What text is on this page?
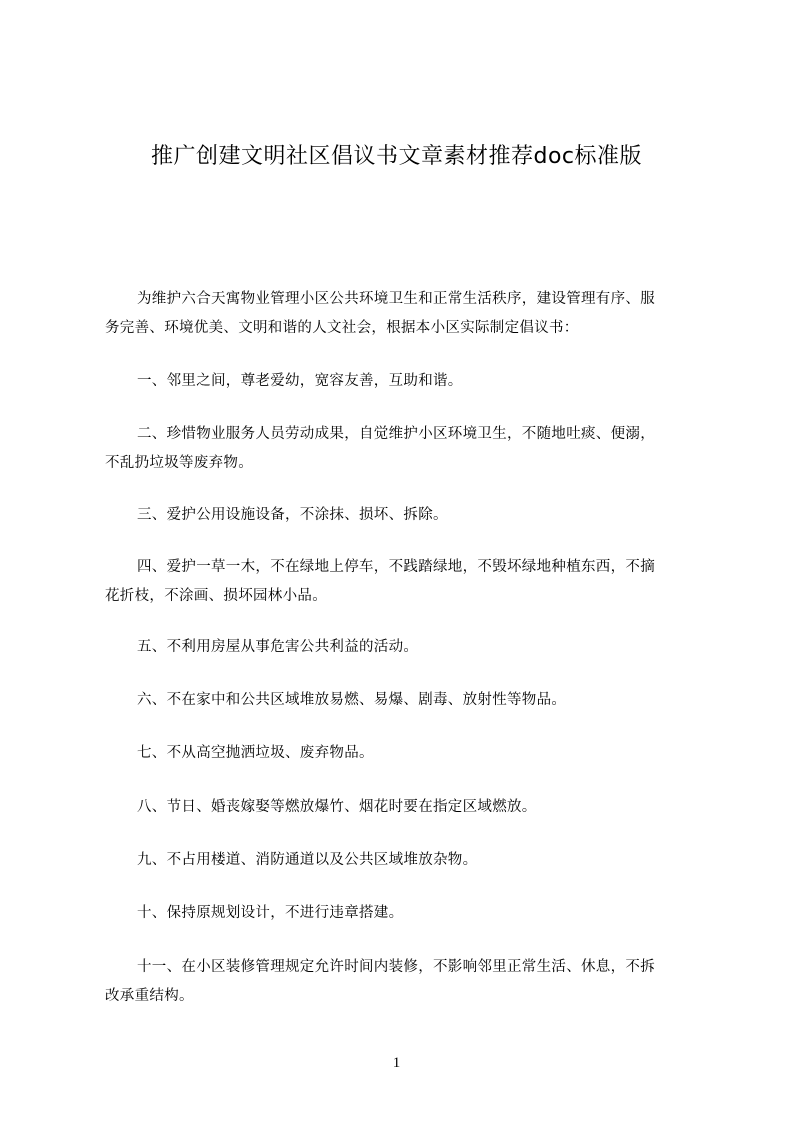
推广创建文明社区倡议书文章素材推荐doc标准版
为维护六合天寓物业管理小区公共环境卫生和正常生活秩序，建设管理有序、服
务完善、环境优美、文明和谐的人文社会，根据本小区实际制定倡议书：
一、邻里之间，尊老爱幼，宽容友善，互助和谐。
二、珍惜物业服务人员劳动成果，自觉维护小区环境卫生，不随地吐痰、便溺，
不乱扔垃圾等废弃物。
三、爱护公用设施设备，不涂抹、损坏、拆除。
四、爱护一草一木，不在绿地上停车，不践踏绿地，不毁坏绿地种植东西，不摘
花折枝，不涂画、损坏园林小品。
五、不利用房屋从事危害公共利益的活动。
六、不在家中和公共区域堆放易燃、易爆、剧毒、放射性等物品。
七、不从高空抛洒垃圾、废弃物品。
八、节日、婚丧嫁娶等燃放爆竹、烟花时要在指定区域燃放。
九、不占用楼道、消防通道以及公共区域堆放杂物。
十、保持原规划设计，不进行违章搭建。
十一、在小区装修管理规定允许时间内装修，不影响邻里正常生活、休息，不拆
改承重结构。
1
